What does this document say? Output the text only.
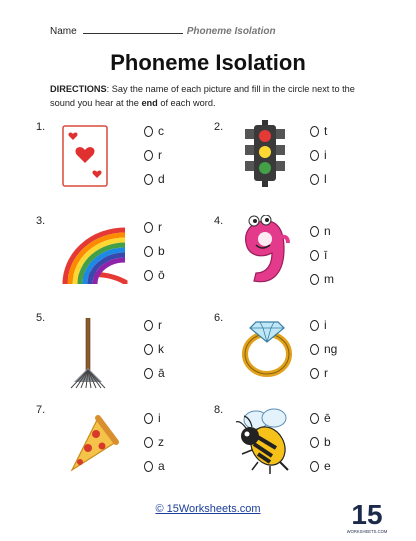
Name	Phoneme Isolation
Phoneme Isolation
DIRECTIONS: Say the name of each picture and fill in the circle next to the sound you hear at the end of each word.
1.	c
r
d
2.	t
i
l
3.	r
b
ō
4.
n
ī
m
5.	r
k
ā
6.	i
ng
r
7.
i
z
a
8.
ē
b
e
© 15Worksheets.com	15
WORKSHEETS.COM
